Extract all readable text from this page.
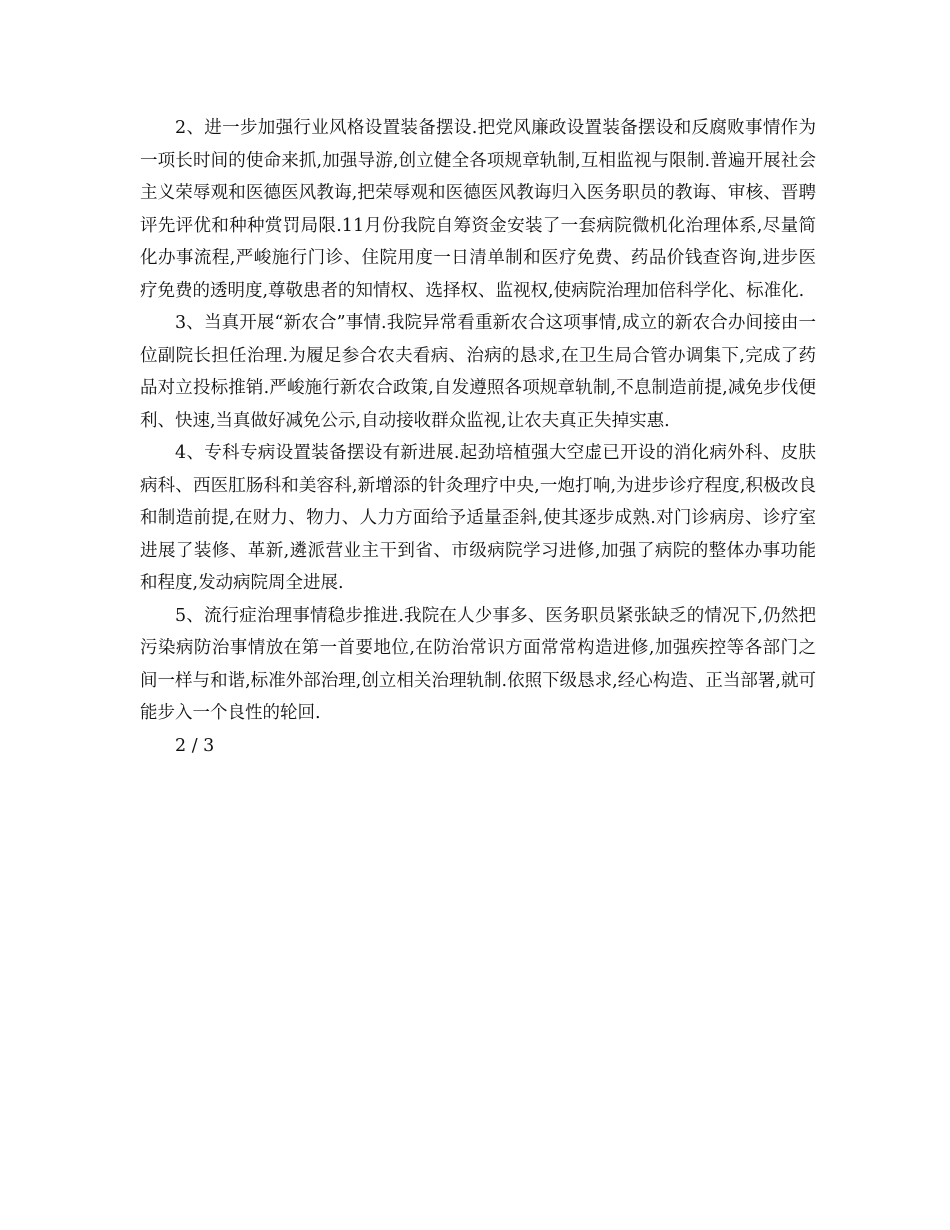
2、进一步加强行业风格设置装备摆设.把党风廉政设置装备摆设和反腐败事情作为一项长时间的使命来抓,加强导游,创立健全各项规章轨制,互相监视与限制.普遍开展社会主义荣辱观和医德医风教诲,把荣辱观和医德医风教诲归入医务职员的教诲、审核、晋聘评先评优和种种赏罚局限.11月份我院自筹资金安装了一套病院微机化治理体系,尽量简化办事流程,严峻施行门诊、住院用度一日清单制和医疗免费、药品价钱查咨询,进步医疗免费的透明度,尊敬患者的知情权、选择权、监视权,使病院治理加倍科学化、标准化.

3、当真开展“新农合”事情.我院异常看重新农合这项事情,成立的新农合办间接由一位副院长担任治理.为履足参合农夫看病、治病的恳求,在卫生局合管办调集下,完成了药品对立投标推销.严峻施行新农合政策,自发遵照各项规章轨制,不息制造前提,减免步伐便利、快速,当真做好减免公示,自动接收群众监视,让农夫真正失掉实惠.

4、专科专病设置装备摆设有新进展.起劲培植强大空虚已开设的消化病外科、皮肤病科、西医肛肠科和美容科,新增添的针灸理疗中央,一炮打响,为进步诊疗程度,积极改良和制造前提,在财力、物力、人力方面给予适量歪斜,使其逐步成熟.对门诊病房、诊疗室进展了装修、革新,遴派营业主干到省、市级病院学习进修,加强了病院的整体办事功能和程度,发动病院周全进展.

5、流行症治理事情稳步推进.我院在人少事多、医务职员紧张缺乏的情况下,仍然把污染病防治事情放在第一首要地位,在防治常识方面常常构造进修,加强疾控等各部门之间一样与和谐,标准外部治理,创立相关治理轨制.依照下级恳求,经心构造、正当部署,就可能步入一个良性的轮回.

2 / 3
